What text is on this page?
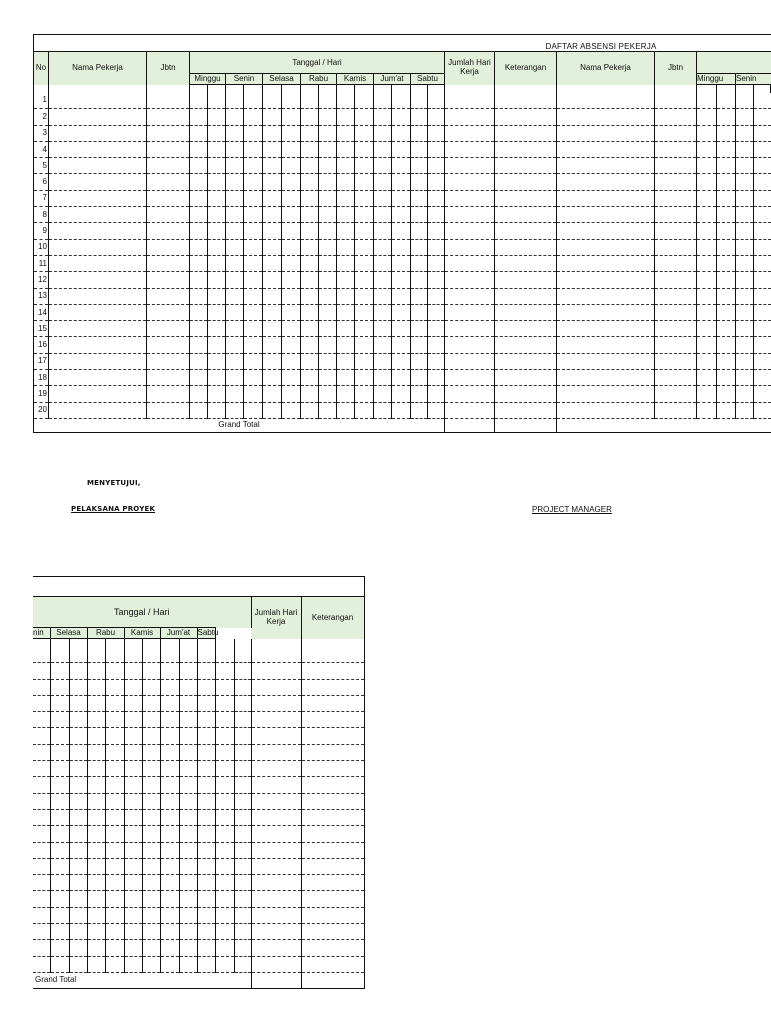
DAFTAR ABSENSI PEKERJA																								
No	Nama Pekerja	Jbtn	Tanggal / Hari														Jumlah Hari Kerja	Keterangan	Nama Pekerja	Jbtn				
			Minggu		Senin		Selasa		Rabu		Kamis		Jum'at		Sabtu						Minggu		Senin	

1																								
2																								
3																								
4																								
5																								
6																								
7																								
8																								
9																								
10																								
11																								
12																								
13																								
14																								
15																								
16																								
17																								
18																								
19																								
20																								
Grand Total																								
MENYETUJUI,
PELAKSANA PROYEK	PROJECT MANAGER

Tanggal / Hari												Jumlah Hari Kerja	Keterangan
nin	Selasa		Rabu		Kamis		Jum'at		Sabtu				

Grand Total													
